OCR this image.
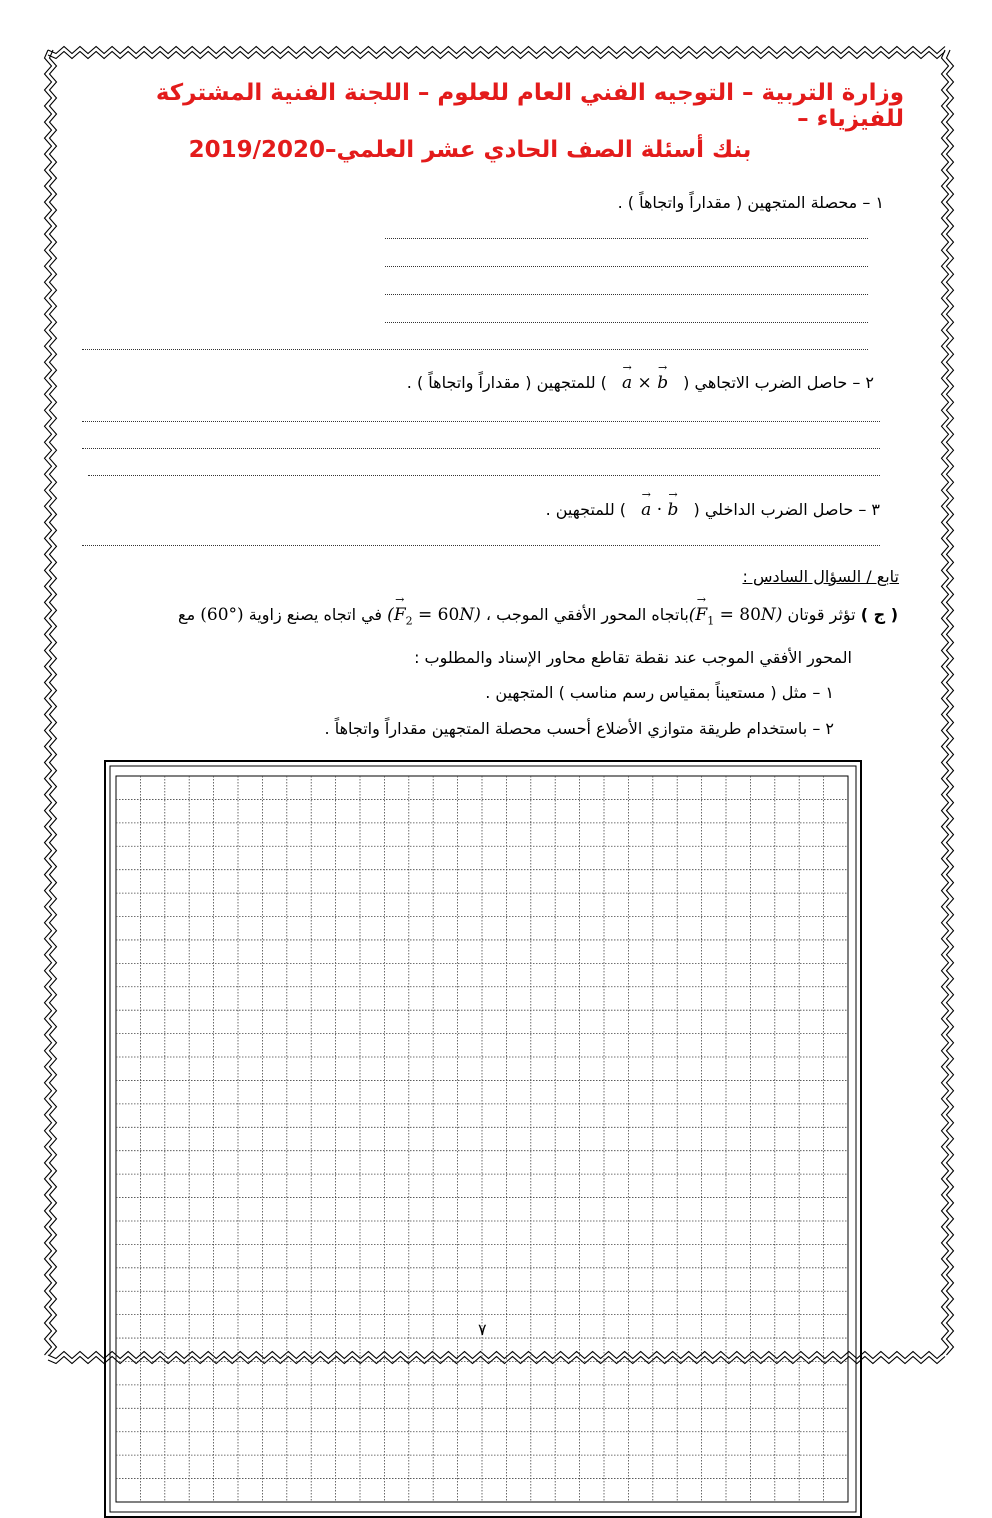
وزارة التربية – التوجيه الفني العام للعلوم – اللجنة الفنية المشتركة للفيزياء –
بنك أسئلة الصف الحادي عشر العلمي–2019/2020
١ – محصلة المتجهين ( مقداراً واتجاهاً ) .
٢ – حاصل الضرب الاتجاهي ( → a × → b ) للمتجهين ( مقداراً واتجاهاً ) .
٣ – حاصل الضرب الداخلي ( → a · → b ) للمتجهين .
تابع / السؤال السادس :
( ج ) تؤثر قوتان (→ $F_1$ = 80N)باتجاه المحور الأفقي الموجب ، (→ $F_2 = 60N$) في اتجاه يصنع زاوية (60°) مع
المحور الأفقي الموجب عند نقطة تقاطع محاور الإسناد والمطلوب :
١ – مثل ( مستعيناً بمقياس رسم مناسب ) المتجهين .
٢ – باستخدام طريقة متوازي الأضلاع أحسب محصلة المتجهين مقداراً واتجاهاً .
٧
